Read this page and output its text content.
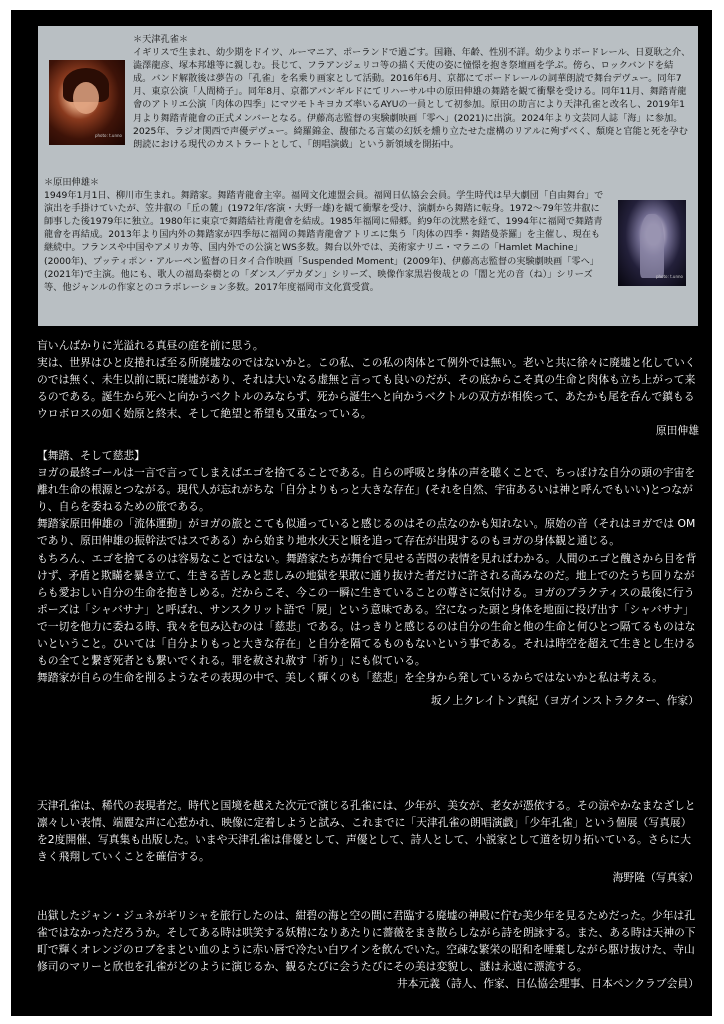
photo: t.unno
＊天津孔雀＊
イギリスで生まれ、幼少期をドイツ、ルーマニア、ポーランドで過ごす。国籍、年齢、性別不詳。幼少よりボードレール、日夏耿之介、澁澤龍彦、塚本邦雄等に親しむ。長じて、フラアンジェリコ等の描く天使の姿に憧憬を抱き祭壇画を学ぶ。傍ら、ロックバンドを結成。バンド解散後は夢告の「孔雀」を名乗り画家として活動。2016年6月、京都にてボードレールの詞華朗読で舞台デヴュー。同年7月、東京公演「人間椅子」。同年8月、京都アバンギルドにてリハーサル中の原田伸雄の舞踏を観て衝撃を受ける。同年11月、舞踏青龍會のアトリエ公演「肉体の四季」にマツモトキヨカズ率いるAYUの一員として初参加。原田の助言により天津孔雀と改名し、2019年1月より舞踏青龍會の正式メンバーとなる。伊藤高志監督の実験劇映画「零へ」(2021)に出演。2024年より文芸同人誌「海」に参加。2025年、ラジオ関西で声優デヴュー。綺羅錦金、馥郁たる言葉の幻妖を燻り立たせた虚構のリアルに殉ずべく、頽廃と官能と死を孕む朗読における現代のカストラートとして、「朗唱演戯」という新領域を開拓中。
＊原田伸雄＊
1949年1月1日、柳川市生まれ。舞踏家。舞踏青龍會主宰。福岡文化連盟会員。福岡日仏協会会員。学生時代は早大劇団「自由舞台」で演出を手掛けていたが、笠井叡の「丘の麓」(1972年/客演・大野一雄)を観て衝撃を受け、演劇から舞踏に転身。1972～79年笠井叡に師事した後1979年に独立。1980年に東京で舞踏結社青龍會を結成。1985年福岡に帰郷。約9年の沈黙を経て、1994年に福岡で舞踏青龍會を再結成。2013年より国内外の舞踏家が四季毎に福岡の舞踏青龍會アトリエに集う「肉体の四季・舞踏曼荼羅」を主催し、現在も継続中。フランスや中国やアメリカ等、国内外での公演とWS多数。舞台以外では、美術家ナリニ・マラニの「Hamlet Machine」(2000年)、プッティポン・アルーペン監督の日タイ合作映画「Suspended Moment」(2009年)、伊藤高志監督の実験劇映画「零へ」(2021年)で主演。他にも、歌人の福島泰樹との「ダンス／デカダン」シリーズ、映像作家黒岩俊哉との「闇と光の音（ね）」シリーズ等、他ジャンルの作家とのコラボレーション多数。2017年度福岡市文化賞受賞。
photo: t.unno

盲いんばかりに光溢れる真昼の庭を前に思う。

実は、世界はひと皮捲れば至る所廃墟なのではないかと。この私、この私の肉体とて例外では無い。老いと共に徐々に廃墟と化していくのでは無く、未生以前に既に廃墟があり、それは大いなる虚無と言っても良いのだが、その底からこそ真の生命と肉体も立ち上がって来るのである。誕生から死へと向かうベクトルのみならず、死から誕生へと向かうベクトルの双方が相俟って、あたかも尾を呑んで鎮もるウロボロスの如く始原と終末、そして絶望と希望も又重なっている。

原田伸雄

【舞踏、そして慈悲】

ヨガの最終ゴールは一言で言ってしまえばエゴを捨てることである。自らの呼吸と身体の声を聴くことで、ちっぽけな自分の頭の宇宙を離れ生命の根源とつながる。現代人が忘れがちな「自分よりもっと大きな存在」(それを自然、宇宙あるいは神と呼んでもいい)とつながり、自らを委ねるための旅である。

舞踏家原田伸雄の「流体運動」がヨガの旅とこても似通っていると感じるのはその点なのかも知れない。原始の音（それはヨガでは OM であり、原田伸雄の振幹法ではスである）から始まり地水火天と順を追って存在が出現するのもヨガの身体観と通じる。

もちろん、エゴを捨てるのは容易なことではない。舞踏家たちが舞台で見せる苦悶の表情を見ればわかる。人間のエゴと醜さから目を背けず、矛盾と欺瞞を暴き立て、生きる苦しみと悲しみの地獄を果敢に通り抜けた者だけに許される高みなのだ。地上でのたうち回りながらも愛おしい自分の生命を抱きしめる。だからこそ、今この一瞬に生きていることの尊さに気付ける。ヨガのプラクティスの最後に行うポーズは「シャバサナ」と呼ばれ、サンスクリット語で「屍」という意味である。空になった頭と身体を地面に投げ出す「シャバサナ」で一切を他力に委ねる時、我々を包み込むのは「慈悲」である。はっきりと感じるのは自分の生命と他の生命と何ひとつ隔てるものはないということ。ひいては「自分よりもっと大きな存在」と自分を隔てるものもないという事である。それは時空を超えて生きとし生けるもの全てと繋ぎ死者とも繋いでくれる。罪を赦され赦す「祈り」にも似ている。

舞踏家が自らの生命を削るようなその表現の中で、美しく輝くのも「慈悲」を全身から発しているからではないかと私は考える。

坂ノ上クレイトン真紀（ヨガインストラクター、作家）

天津孔雀は、稀代の表現者だ。時代と国境を越えた次元で演じる孔雀には、少年が、美女が、老女が憑依する。その涼やかなまなざしと凛々しい表情、端麗な声に心惹かれ、映像に定着しようと試み、これまでに「天津孔雀の朗唱演戯」「少年孔雀」という個展（写真展）を2度開催、写真集も出版した。いまや天津孔雀は俳優として、声優として、詩人として、小説家として道を切り拓いている。さらに大きく飛翔していくことを確信する。

海野隆（写真家）

出獄したジャン・ジュネがギリシャを旅行したのは、紺碧の海と空の間に君臨する廃墟の神殿に佇む美少年を見るためだった。少年は孔雀ではなかっただろうか。そしてある時は哄笑する妖精になりあたりに薔薇をまき散らしながら詩を朗詠する。また、ある時は天神の下町で輝くオレンジのロブをまとい血のように赤い唇で冷たい白ワインを飲んでいた。空疎な繁栄の昭和を唾棄しながら駆け抜けた、寺山修司のマリーと欣也を孔雀がどのように演じるか、観るたびに会うたびにその美は変貌し、謎は永遠に漂流する。

井本元義（詩人、作家、日仏協会理事、日本ペンクラブ会員）
